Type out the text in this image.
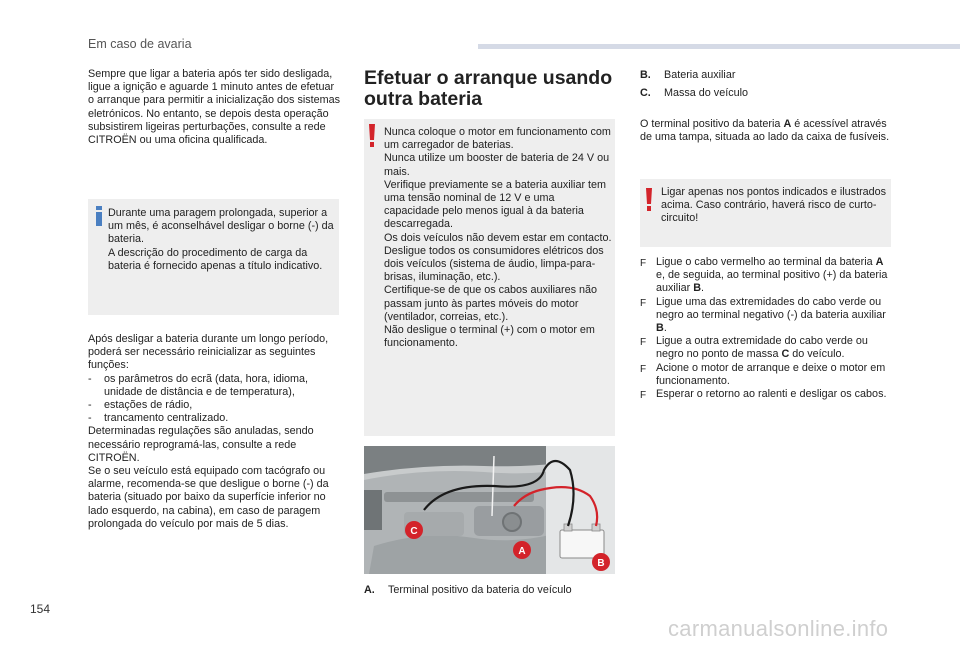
Em caso de avaria
154

Sempre que ligar a bateria após ter sido desligada, ligue a ignição e aguarde 1 minuto antes de efetuar o arranque para permitir a inicialização dos sistemas eletrónicos. No entanto, se depois desta operação subsistirem ligeiras perturbações, consulte a rede CITROËN ou uma oficina qualificada.

Durante uma paragem prolongada, superior a um mês, é aconselhável desligar o borne (-) da bateria.

A descrição do procedimento de carga da bateria é fornecido apenas a título indicativo.

Após desligar a bateria durante um longo período, poderá ser necessário reinicializar as seguintes funções:

-	os parâmetros do ecrã (data, hora, idioma, unidade de distância e de temperatura),
-	estações de rádio,
-	trancamento centralizado.

Determinadas regulações são anuladas, sendo necessário reprogramá-las, consulte a rede CITROËN.

Se o seu veículo está equipado com tacógrafo ou alarme, recomenda-se que desligue o borne (-) da bateria (situado por baixo da superfície inferior no lado esquerdo, na cabina), em caso de paragem prolongada do veículo por mais de 5 dias.

Efetuar o arranque usando outra bateria

Nunca coloque o motor em funcionamento com um carregador de baterias.

Nunca utilize um booster de bateria de 24 V ou mais.

Verifique previamente se a bateria auxiliar tem uma tensão nominal de 12 V e uma capacidade pelo menos igual à da bateria descarregada.

Os dois veículos não devem estar em contacto.

Desligue todos os consumidores elétricos dos dois veículos (sistema de áudio, limpa-para-brisas, iluminação, etc.).

Certifique-se de que os cabos auxiliares não passam junto às partes móveis do motor (ventilador, correias, etc.).

Não desligue o terminal (+) com o motor em funcionamento.

C
A
B
A.	Terminal positivo da bateria do veículo
B.	Bateria auxiliar
C.	Massa do veículo

O terminal positivo da bateria A é acessível através de uma tampa, situada ao lado da caixa de fusíveis.

Ligar apenas nos pontos indicados e ilustrados acima. Caso contrário, haverá risco de curto-circuito!
F Ligue o cabo vermelho ao terminal da bateria A e, de seguida, ao terminal positivo (+) da bateria auxiliar B.
F Ligue uma das extremidades do cabo verde ou negro ao terminal negativo (-) da bateria auxiliar B.
F Ligue a outra extremidade do cabo verde ou negro no ponto de massa C do veículo.
F Acione o motor de arranque e deixe o motor em funcionamento.
F Esperar o retorno ao ralenti e desligar os cabos.
carmanualsonline.info
